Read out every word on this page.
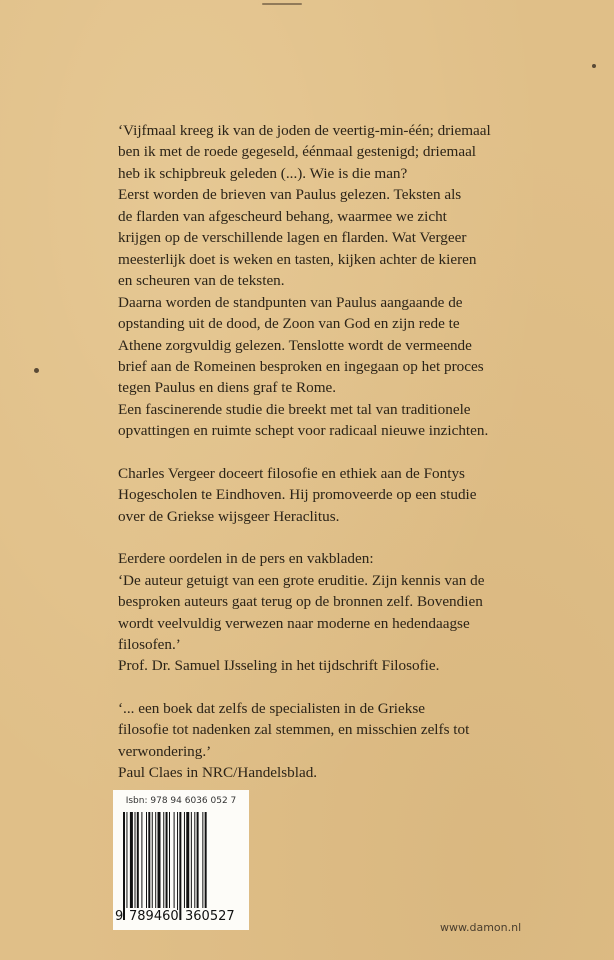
‘Vijfmaal kreeg ik van de joden de veertig-min-één; driemaal
ben ik met de roede gegeseld, éénmaal gestenigd; driemaal
heb ik schipbreuk geleden (...). Wie is die man?
Eerst worden de brieven van Paulus gelezen. Teksten als
de flarden van afgescheurd behang, waarmee we zicht
krijgen op de verschillende lagen en flarden. Wat Vergeer
meesterlijk doet is weken en tasten, kijken achter de kieren
en scheuren van de teksten.
Daarna worden de standpunten van Paulus aangaande de
opstanding uit de dood, de Zoon van God en zijn rede te
Athene zorgvuldig gelezen. Tenslotte wordt de vermeende
brief aan de Romeinen besproken en ingegaan op het proces
tegen Paulus en diens graf te Rome.
Een fascinerende studie die breekt met tal van traditionele
opvattingen en ruimte schept voor radicaal nieuwe inzichten.
Charles Vergeer doceert filosofie en ethiek aan de Fontys
Hogescholen te Eindhoven. Hij promoveerde op een studie
over de Griekse wijsgeer Heraclitus.
Eerdere oordelen in de pers en vakbladen:
‘De auteur getuigt van een grote eruditie. Zijn kennis van de
besproken auteurs gaat terug op de bronnen zelf. Bovendien
wordt veelvuldig verwezen naar moderne en hedendaagse
filosofen.’
Prof. Dr. Samuel IJsseling in het tijdschrift Filosofie.
‘... een boek dat zelfs de specialisten in de Griekse
filosofie tot nadenken zal stemmen, en misschien zelfs tot
verwondering.’
Paul Claes in NRC/Handelsblad.
Isbn: 978 94 6036 052 7
9 789460 360527
www.damon.nl
